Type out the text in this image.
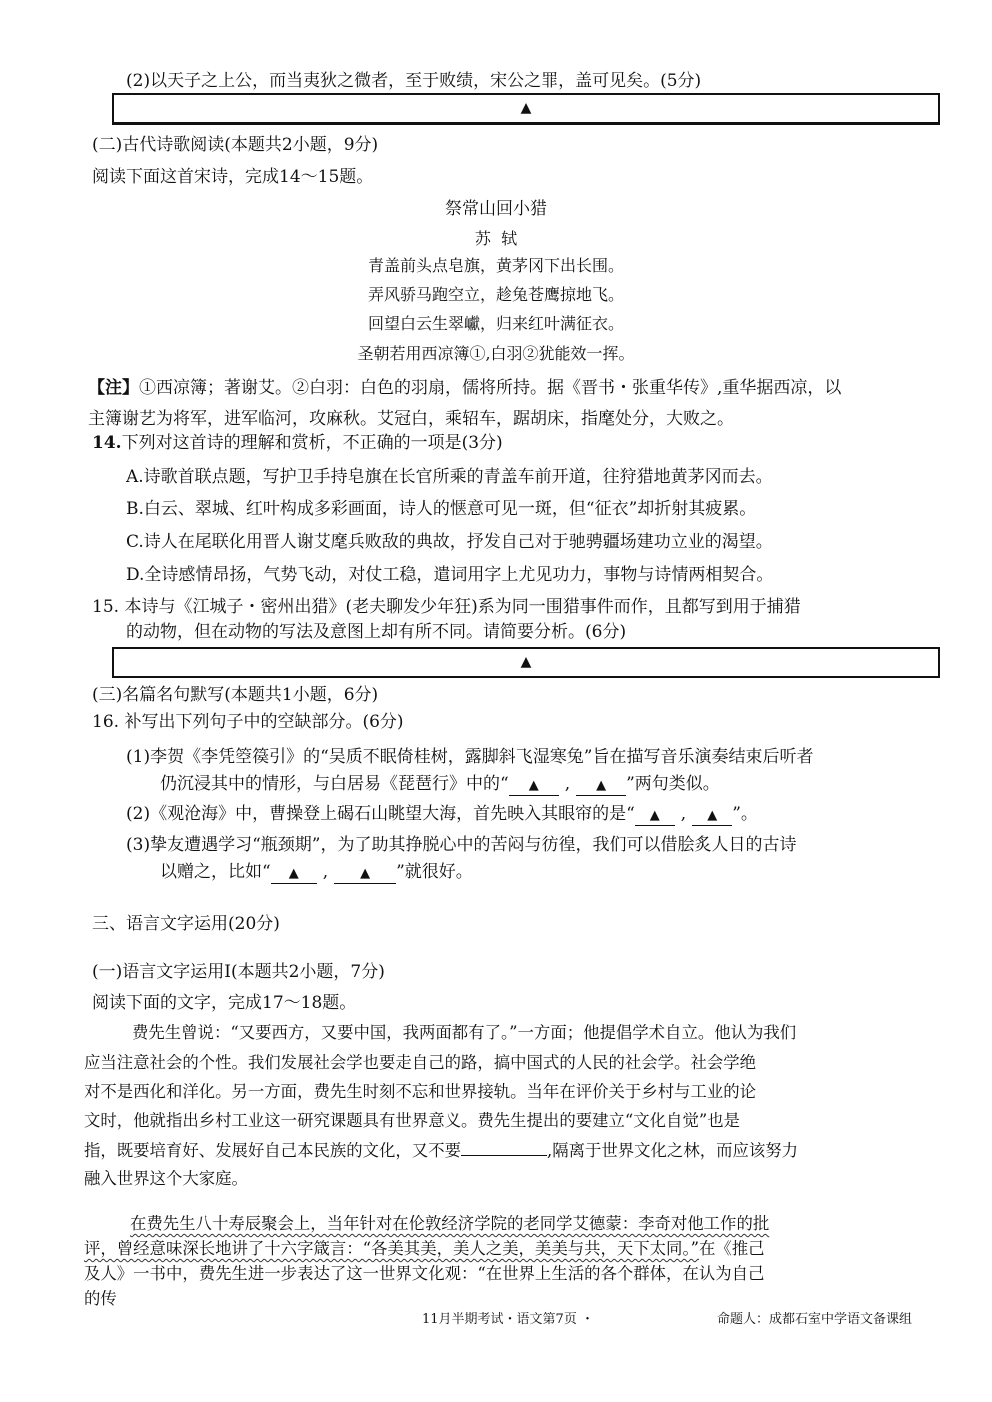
(2)以天子之上公，而当夷狄之微者，至于败绩，宋公之罪，盖可见矣。(5分)
▲
(二)古代诗歌阅读(本题共2小题，9分)
阅读下面这首宋诗，完成14～15题。
祭常山回小猎
苏  轼
青盖前头点皂旗，黄茅冈下出长围。
弄风骄马跑空立，趁兔苍鹰掠地飞。
回望白云生翠巘，归来红叶满征衣。
圣朝若用西凉簿①,白羽②犹能效一挥。
【注】①西凉簿；著谢艾。②白羽：白色的羽扇，儒将所持。据《晋书・张重华传》,重华据西凉，以
主簿谢艺为将军，进军临河，攻麻秋。艾冠白，乘轺车，踞胡床，指麾处分，大败之。
14.下列对这首诗的理解和赏析，不正确的一项是(3分)
A.诗歌首联点题，写护卫手持皂旗在长官所乘的青盖车前开道，往狩猎地黄茅冈而去。
B.白云、翠城、红叶构成多彩画面，诗人的惬意可见一斑，但“征衣”却折射其疲累。
C.诗人在尾联化用晋人谢艾麾兵败敌的典故，抒发自己对于驰骋疆场建功立业的渴望。
D.全诗感情昂扬，气势飞动，对仗工稳，遣词用字上尤见功力，事物与诗情两相契合。
15. 本诗与《江城子・密州出猎》(老夫聊发少年狂)系为同一围猎事件而作，且都写到用于捕猎
的动物，但在动物的写法及意图上却有所不同。请简要分析。(6分)
▲
(三)名篇名句默写(本题共1小题，6分)
16. 补写出下列句子中的空缺部分。(6分)
(1)李贺《李凭箜篌引》的“吴质不眠倚桂树，露脚斜飞湿寒兔”旨在描写音乐演奏结束后听者
仍沉浸其中的情形，与白居易《琵琶行》中的“ ▲ , ▲ ”两句类似。
(2)《观沧海》中，曹操登上碣石山眺望大海，首先映入其眼帘的是“ ▲ , ▲ ”。
(3)挚友遭遇学习“瓶颈期”，为了助其挣脱心中的苦闷与彷徨，我们可以借脍炙人日的古诗
以赠之，比如“ ▲ , ▲ ”就很好。
三、语言文字运用(20分)
(一)语言文字运用Ⅰ(本题共2小题，7分)
阅读下面的文字，完成17～18题。
费先生曾说：“又要西方，又要中国，我两面都有了。”一方面；他提倡学术自立。他认为我们
应当注意社会的个性。我们发展社会学也要走自己的路，搞中国式的人民的社会学。社会学绝
对不是西化和洋化。另一方面，费先生时刻不忘和世界接轨。当年在评价关于乡村与工业的论
文时，他就指出乡村工业这一研究课题具有世界意义。费先生提出的要建立“文化自觉”也是
指，既要培育好、发展好自己本民族的文化，又不要	,隔离于世界文化之林，而应该努力
融入世界这个大家庭。
在费先生八十寿辰聚会上，当年针对在伦敦经济学院的老同学艾德蒙：李奇对他工作的批
评，曾经意味深长地讲了十六字箴言：“各美其美，美人之美，美美与共，天下太同。”在《推己
及人》一书中，费先生进一步表达了这一世界文化观：“在世界上生活的各个群体，在认为自己
的传
11月半期考试・语文第7页 ・	命题人：成都石室中学语文备课组
